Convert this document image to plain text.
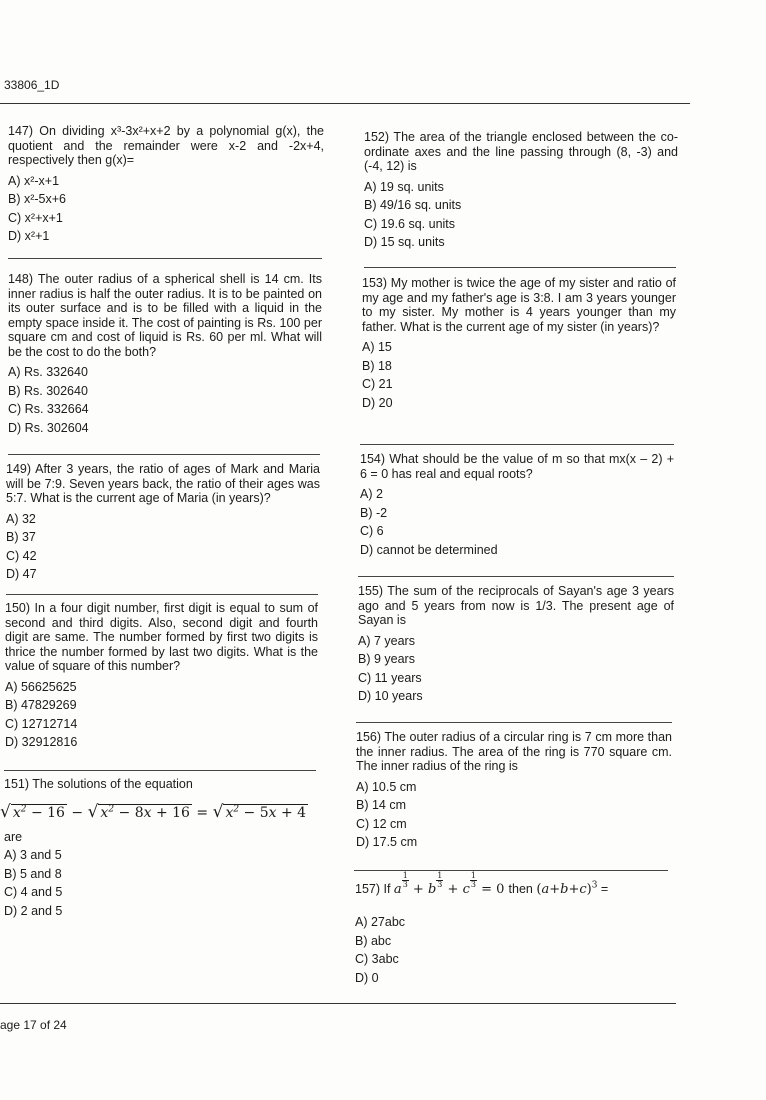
33806_1D
147) On dividing x³-3x²+x+2 by a polynomial g(x), the quotient and the remainder were x-2 and -2x+4, respectively then g(x)=
A) x²-x+1
B) x²-5x+6
C) x²+x+1
D) x²+1
148) The outer radius of a spherical shell is 14 cm. Its inner radius is half the outer radius. It is to be painted on its outer surface and is to be filled with a liquid in the empty space inside it. The cost of painting is Rs. 100 per square cm and cost of liquid is Rs. 60 per ml. What will be the cost to do the both?
A) Rs. 332640
B) Rs. 302640
C) Rs. 332664
D) Rs. 302604
149) After 3 years, the ratio of ages of Mark and Maria will be 7:9. Seven years back, the ratio of their ages was 5:7. What is the current age of Maria (in years)?
A) 32
B) 37
C) 42
D) 47
150) In a four digit number, first digit is equal to sum of second and third digits. Also, second digit and fourth digit are same. The number formed by first two digits is thrice the number formed by last two digits. What is the value of square of this number?
A) 56625625
B) 47829269
C) 12712714
D) 32912816
151) The solutions of the equation
√ $x^2 - 16$ − √ $x^2 - 8x + 16$ = √ $x^2 - 5x + 4$
are
A) 3 and 5
B) 5 and 8
C) 4 and 5
D) 2 and 5
152) The area of the triangle enclosed between the co-ordinate axes and the line passing through (8, -3) and (-4, 12) is
A) 19 sq. units
B) 49/16 sq. units
C) 19.6 sq. units
D) 15 sq. units
153) My mother is twice the age of my sister and ratio of my age and my father's age is 3:8. I am 3 years younger to my sister. My mother is 4 years younger than my father. What is the current age of my sister (in years)?
A) 15
B) 18
C) 21
D) 20
154) What should be the value of m so that mx(x – 2) + 6 = 0 has real and equal roots?
A) 2
B) -2
C) 6
D) cannot be determined
155) The sum of the reciprocals of Sayan's age 3 years ago and 5 years from now is 1/3. The present age of Sayan is
A) 7 years
B) 9 years
C) 11 years
D) 10 years
156) The outer radius of a circular ring is 7 cm more than the inner radius. The area of the ring is 770 square cm. The inner radius of the ring is
A) 10.5 cm
B) 14 cm
C) 12 cm
D) 17.5 cm
157) If a
$\frac{1}{3}$
+ b
$\frac{1}{3}$
+ c
$\frac{1}{3}$
= 0 then $(a+b+c)^3$ =
A) 27abc
B) abc
C) 3abc
D) 0
age 17 of 24
